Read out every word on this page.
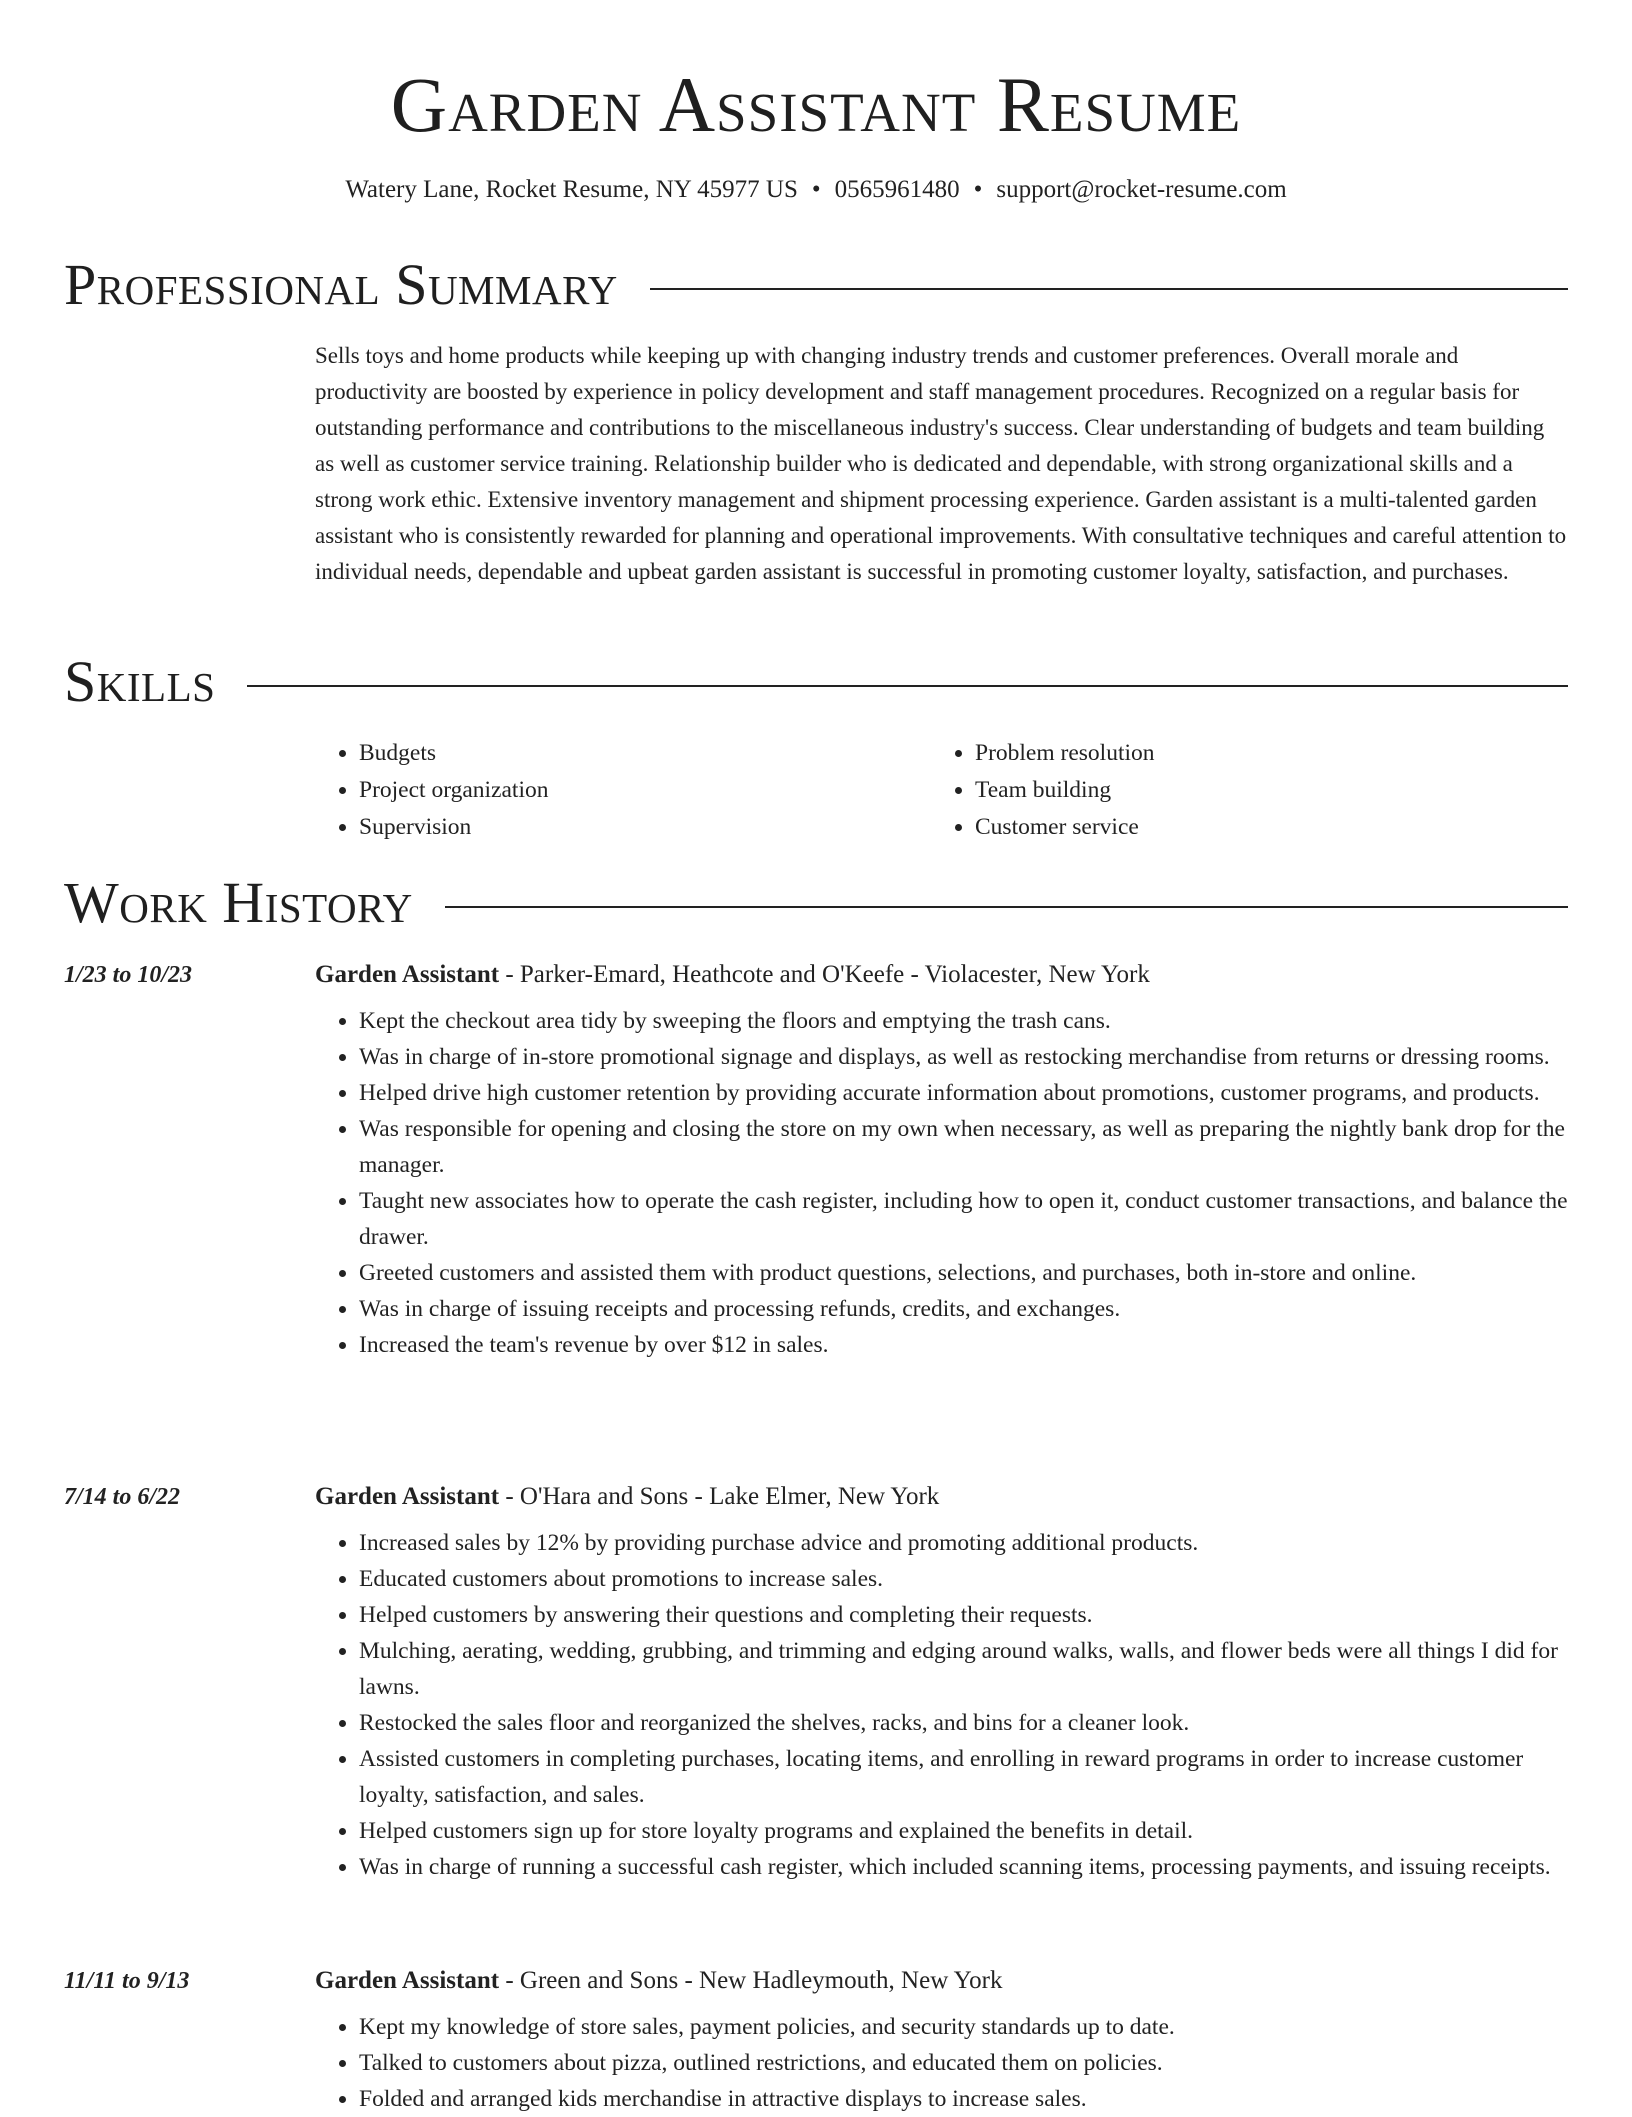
Garden Assistant Resume
Watery Lane, Rocket Resume, NY 45977 US • 0565961480 • support@rocket-resume.com
Professional Summary

Sells toys and home products while keeping up with changing industry trends and customer preferences. Overall morale and productivity are boosted by experience in policy development and staff management procedures. Recognized on a regular basis for outstanding performance and contributions to the miscellaneous industry's success. Clear understanding of budgets and team building as well as customer service training. Relationship builder who is dedicated and dependable, with strong organizational skills and a strong work ethic. Extensive inventory management and shipment processing experience. Garden assistant is a multi-talented garden assistant who is consistently rewarded for planning and operational improvements. With consultative techniques and careful attention to individual needs, dependable and upbeat garden assistant is successful in promoting customer loyalty, satisfaction, and purchases.

Skills
• Budgets
• Project organization
• Supervision
• Problem resolution
• Team building
• Customer service
Work History
1/23 to 10/23	Garden Assistant - Parker-Emard, Heathcote and O'Keefe - Violacester, New York
• Kept the checkout area tidy by sweeping the floors and emptying the trash cans.
• Was in charge of in-store promotional signage and displays, as well as restocking merchandise from returns or dressing rooms.
• Helped drive high customer retention by providing accurate information about promotions, customer programs, and products.
• Was responsible for opening and closing the store on my own when necessary, as well as preparing the nightly bank drop for the manager.
• Taught new associates how to operate the cash register, including how to open it, conduct customer transactions, and balance the drawer.
• Greeted customers and assisted them with product questions, selections, and purchases, both in-store and online.
• Was in charge of issuing receipts and processing refunds, credits, and exchanges.
• Increased the team's revenue by over $12 in sales.
7/14 to 6/22	Garden Assistant - O'Hara and Sons - Lake Elmer, New York
• Increased sales by 12% by providing purchase advice and promoting additional products.
• Educated customers about promotions to increase sales.
• Helped customers by answering their questions and completing their requests.
• Mulching, aerating, wedding, grubbing, and trimming and edging around walks, walls, and flower beds were all things I did for lawns.
• Restocked the sales floor and reorganized the shelves, racks, and bins for a cleaner look.
• Assisted customers in completing purchases, locating items, and enrolling in reward programs in order to increase customer loyalty, satisfaction, and sales.
• Helped customers sign up for store loyalty programs and explained the benefits in detail.
• Was in charge of running a successful cash register, which included scanning items, processing payments, and issuing receipts.
11/11 to 9/13	Garden Assistant - Green and Sons - New Hadleymouth, New York
• Kept my knowledge of store sales, payment policies, and security standards up to date.
• Talked to customers about pizza, outlined restrictions, and educated them on policies.
• Folded and arranged kids merchandise in attractive displays to increase sales.
